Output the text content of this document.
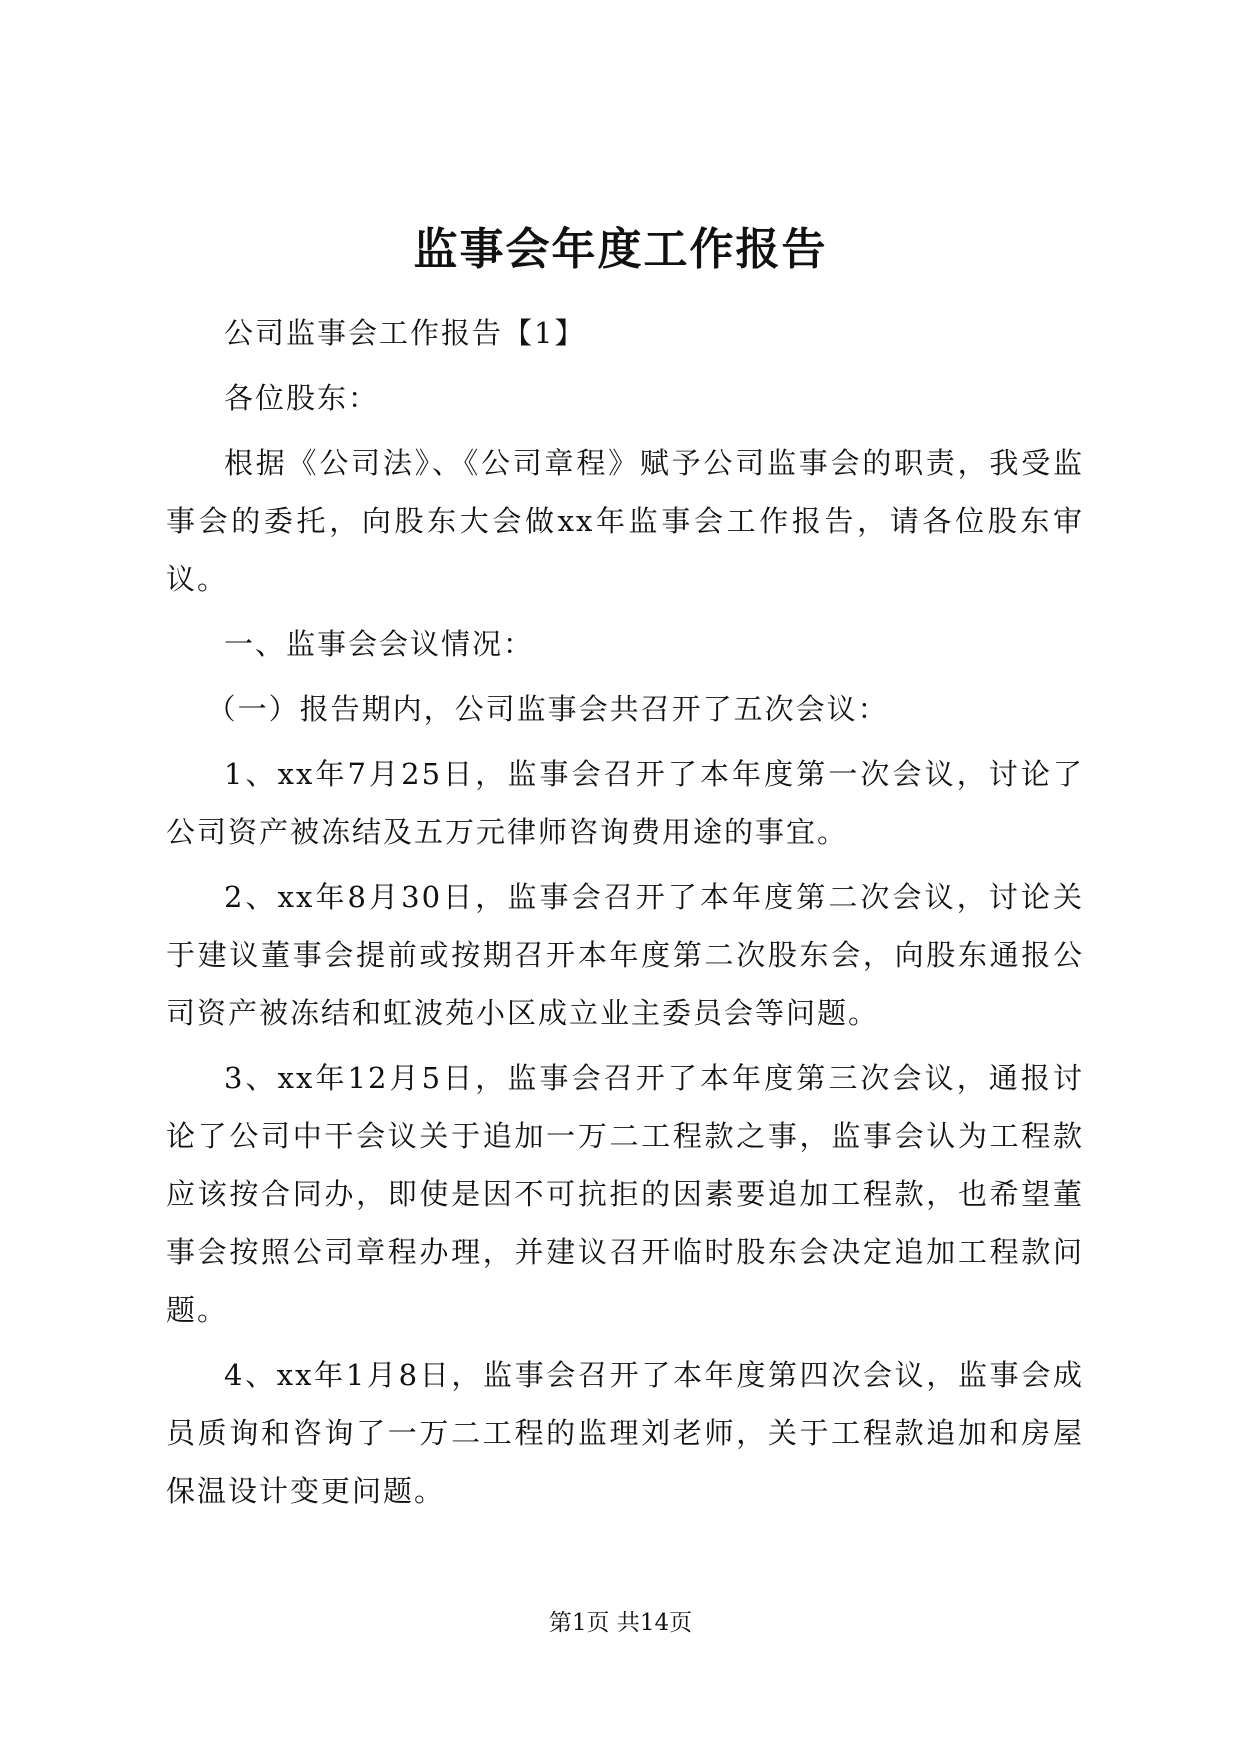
监事会年度工作报告

公司监事会工作报告【1】

各位股东：

根据《公司法》、《公司章程》赋予公司监事会的职责，我受监事会的委托，向股东大会做xx年监事会工作报告，请各位股东审议。

一、监事会会议情况：

（一）报告期内，公司监事会共召开了五次会议：

1、xx年7月25日，监事会召开了本年度第一次会议，讨论了公司资产被冻结及五万元律师咨询费用途的事宜。

2、xx年8月30日，监事会召开了本年度第二次会议，讨论关于建议董事会提前或按期召开本年度第二次股东会，向股东通报公司资产被冻结和虹波苑小区成立业主委员会等问题。

3、xx年12月5日，监事会召开了本年度第三次会议，通报讨论了公司中干会议关于追加一万二工程款之事，监事会认为工程款应该按合同办，即使是因不可抗拒的因素要追加工程款，也希望董事会按照公司章程办理，并建议召开临时股东会决定追加工程款问题。

4、xx年1月8日，监事会召开了本年度第四次会议，监事会成员质询和咨询了一万二工程的监理刘老师，关于工程款追加和房屋保温设计变更问题。

第1页 共14页
